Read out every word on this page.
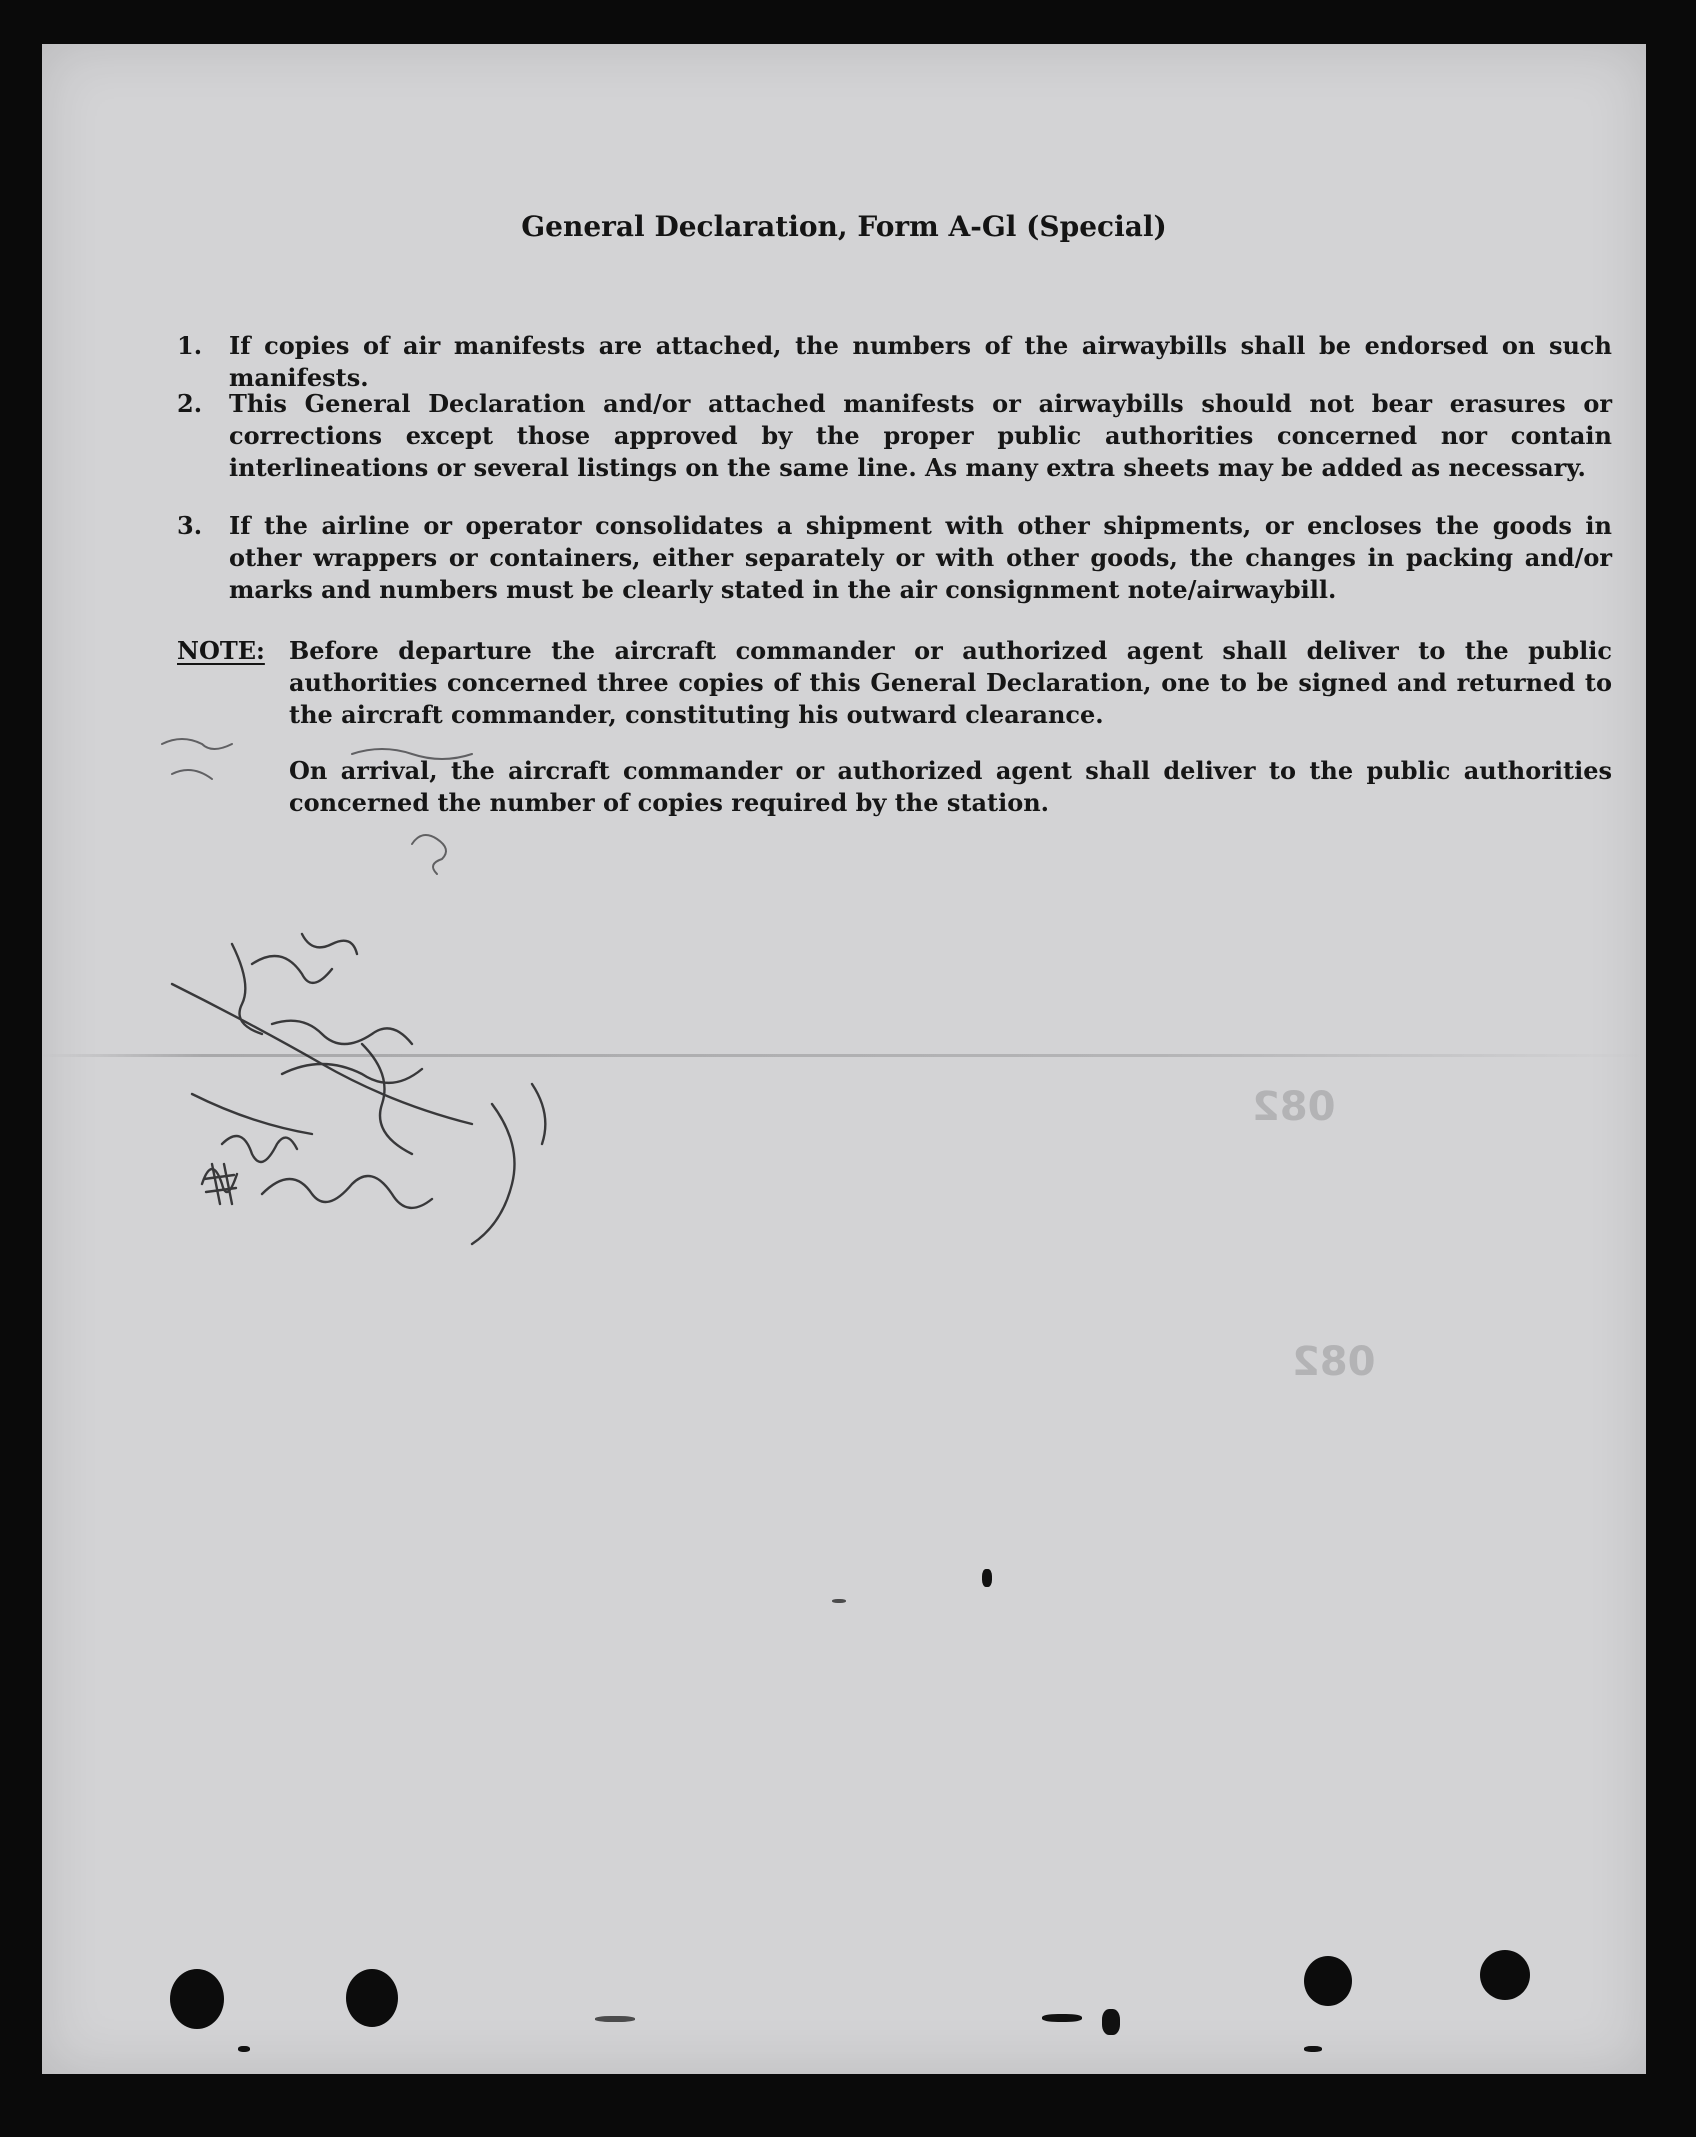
General Declaration, Form A-Gl (Special)
1.	If copies of air manifests are attached, the numbers of the airwaybills shall be endorsed on such manifests.
2.	This General Declaration and/or attached manifests or airwaybills should not bear erasures or corrections except those approved by the proper public authorities concerned nor contain interlineations or several listings on the same line. As many extra sheets may be added as necessary.
3.	If the airline or operator consolidates a shipment with other shipments, or encloses the goods in other wrappers or containers, either separately or with other goods, the changes in packing and/or marks and numbers must be clearly stated in the air consignment note/airwaybill.
NOTE: Before departure the aircraft commander or authorized agent shall deliver to the public authorities concerned three copies of this General Declaration, one to be signed and returned to the aircraft commander, constituting his outward clearance.
On arrival, the aircraft commander or authorized agent shall deliver to the public authorities concerned the number of copies required by the station.
082
082
